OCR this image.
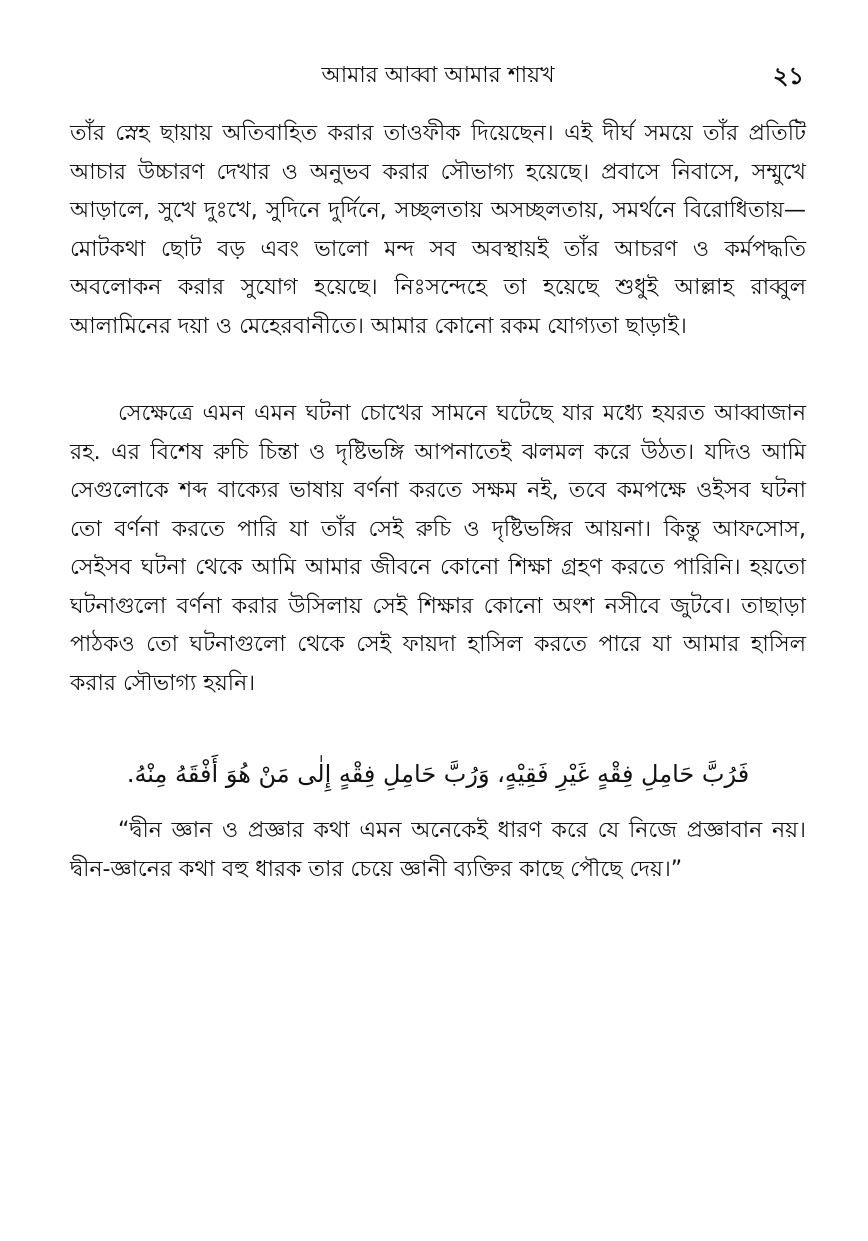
আমার আব্বা আমার শায়খ	২১

তাঁর স্নেহ ছায়ায় অতিবাহিত করার তাওফীক দিয়েছেন। এই দীর্ঘ সময়ে তাঁর প্রতিটি আচার উচ্চারণ দেখার ও অনুভব করার সৌভাগ্য হয়েছে। প্রবাসে নিবাসে, সম্মুখে আড়ালে, সুখে দুঃখে, সুদিনে দুর্দিনে, সচ্ছলতায় অসচ্ছলতায়, সমর্থনে বিরোধিতায়—মোটকথা ছোট বড় এবং ভালো মন্দ সব অবস্থায়ই তাঁর আচরণ ও কর্মপদ্ধতি অবলোকন করার সুযোগ হয়েছে। নিঃসন্দেহে তা হয়েছে শুধুই আল্লাহ রাব্বুল আলামিনের দয়া ও মেহেরবানীতে। আমার কোনো রকম যোগ্যতা ছাড়াই।

সেক্ষেত্রে এমন এমন ঘটনা চোখের সামনে ঘটেছে যার মধ্যে হযরত আব্বাজান রহ. এর বিশেষ রুচি চিন্তা ও দৃষ্টিভঙ্গি আপনাতেই ঝলমল করে উঠত। যদিও আমি সেগুলোকে শব্দ বাক্যের ভাষায় বর্ণনা করতে সক্ষম নই, তবে কমপক্ষে ওইসব ঘটনা তো বর্ণনা করতে পারি যা তাঁর সেই রুচি ও দৃষ্টিভঙ্গির আয়না। কিন্তু আফসোস, সেইসব ঘটনা থেকে আমি আমার জীবনে কোনো শিক্ষা গ্রহণ করতে পারিনি। হয়তো ঘটনাগুলো বর্ণনা করার উসিলায় সেই শিক্ষার কোনো অংশ নসীবে জুটবে। তাছাড়া পাঠকও তো ঘটনাগুলো থেকে সেই ফায়দা হাসিল করতে পারে যা আমার হাসিল করার সৌভাগ্য হয়নি।

فَرُبَّ حَامِلِ فِقْهٍ غَيْرِ فَقِيْهٍ، وَرُبَّ حَامِلِ فِقْهٍ إِلٰى مَنْ هُوَ أَفْقَهُ مِنْهُ.

“দ্বীন জ্ঞান ও প্রজ্ঞার কথা এমন অনেকেই ধারণ করে যে নিজে প্রজ্ঞাবান নয়। দ্বীন-জ্ঞানের কথা বহু ধারক তার চেয়ে জ্ঞানী ব্যক্তির কাছে পৌছে দেয়।”
